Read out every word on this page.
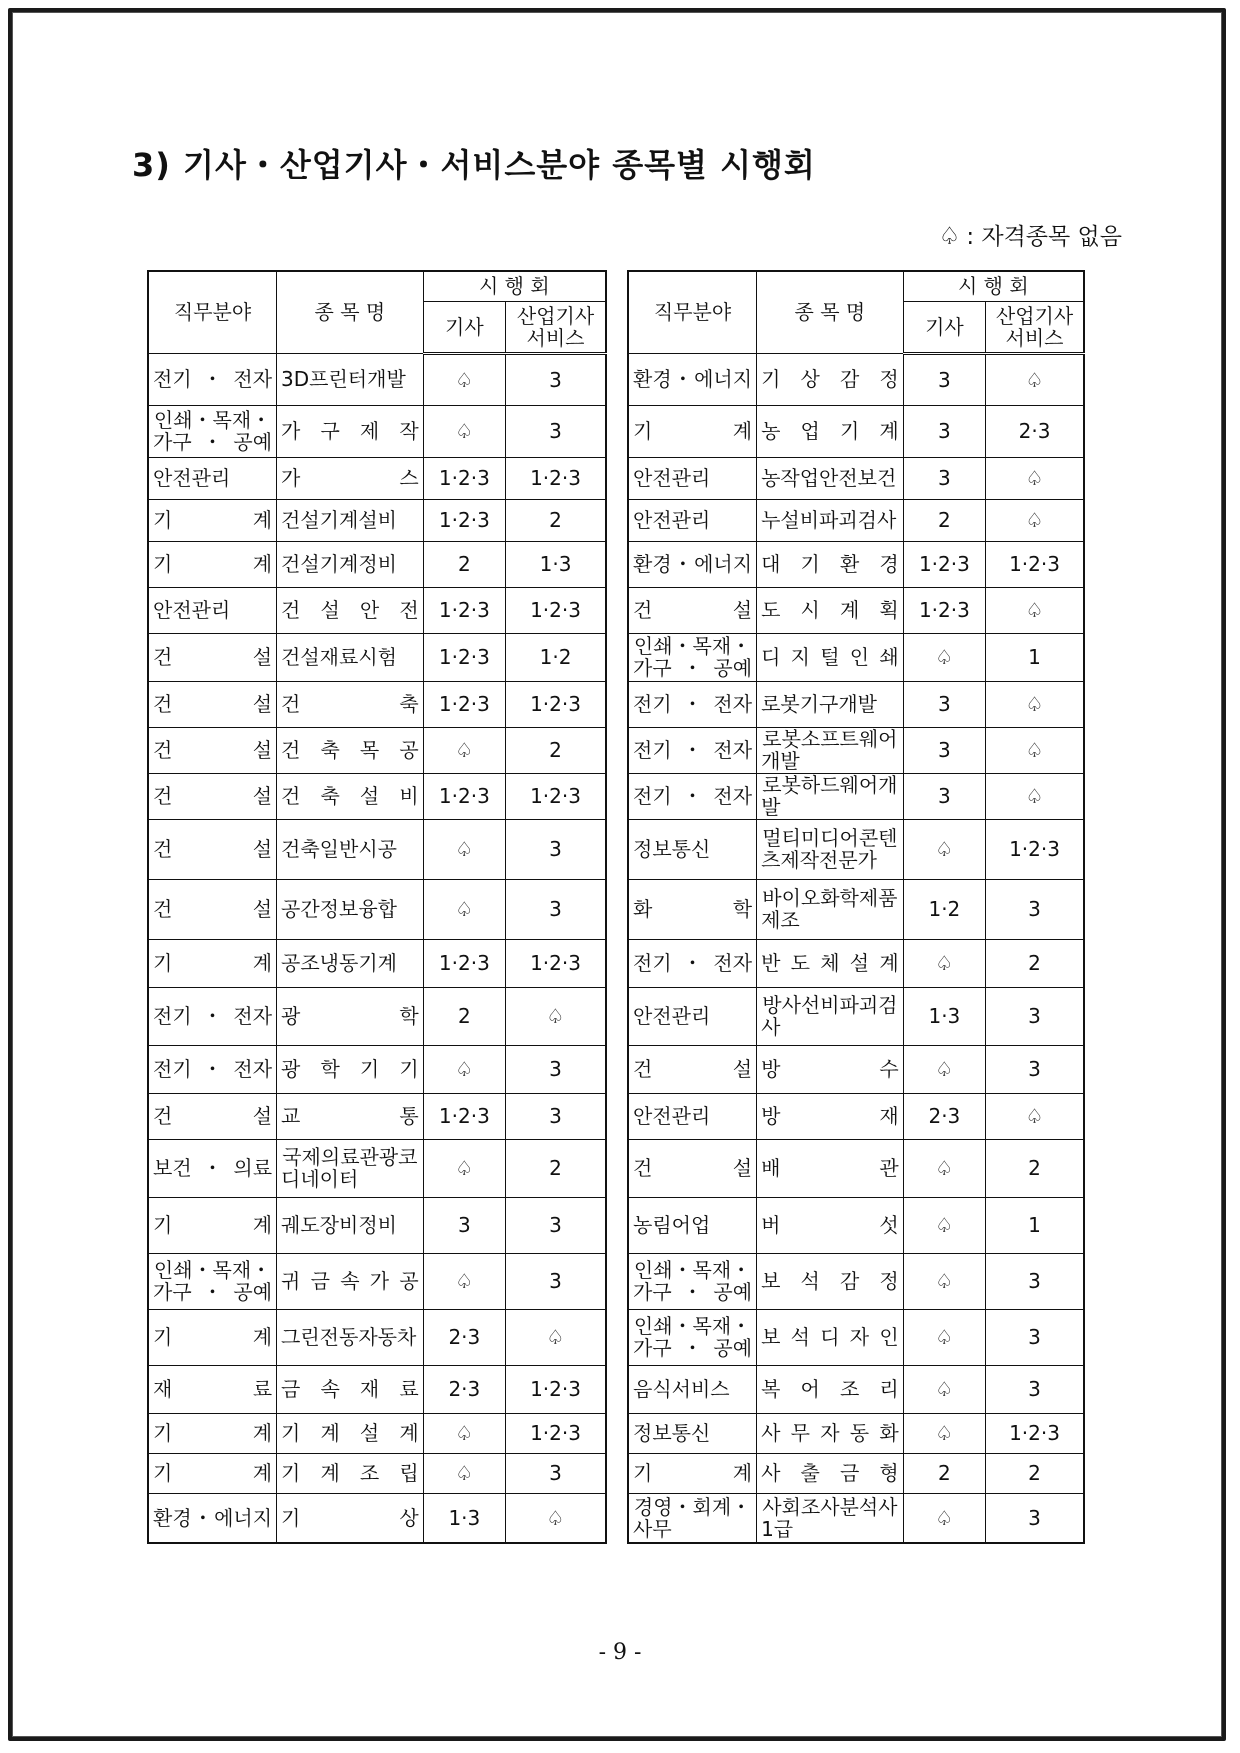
3) 기사・산업기사・서비스분야 종목별 시행회
♤ : 자격종목 없음
직무분야	종 목 명	시 행 회	
		기사	산업기사 서비스
전기・전자	3D프린터개발	♤	3
인쇄・목재・가구・공예	가 구 제 작	♤	3
안전관리	가 스	1·2·3	1·2·3
기 계	건설기계설비	1·2·3	2
기 계	건설기계정비	2	1·3
안전관리	건 설 안 전	1·2·3	1·2·3
건 설	건설재료시험	1·2·3	1·2
건 설	건 축	1·2·3	1·2·3
건 설	건 축 목 공	♤	2
건 설	건 축 설 비	1·2·3	1·2·3
건 설	건축일반시공	♤	3
건 설	공간정보융합	♤	3
기 계	공조냉동기계	1·2·3	1·2·3
전기・전자	광 학	2	♤
전기・전자	광 학 기 기	♤	3
건 설	교 통	1·2·3	3
보건・의료	국제의료관광코디네이터	♤	2
기 계	궤도장비정비	3	3
인쇄・목재・가구・공예	귀 금 속 가 공	♤	3
기 계	그린전동자동차	2·3	♤
재 료	금 속 재 료	2·3	1·2·3
기 계	기 계 설 계	♤	1·2·3
기 계	기 계 조 립	♤	3
환경・에너지	기 상	1·3	♤
직무분야	종 목 명	시 행 회	
		기사	산업기사 서비스
환경・에너지	기 상 감 정	3	♤
기 계	농 업 기 계	3	2·3
안전관리	농작업안전보건	3	♤
안전관리	누설비파괴검사	2	♤
환경・에너지	대 기 환 경	1·2·3	1·2·3
건 설	도 시 계 획	1·2·3	♤
인쇄・목재・가구・공예	디 지 털 인 쇄	♤	1
전기・전자	로봇기구개발	3	♤
전기・전자	로봇소프트웨어개발	3	♤
전기・전자	로봇하드웨어개발	3	♤
정보통신	멀티미디어콘텐츠제작전문가	♤	1·2·3
화 학	바이오화학제품제조	1·2	3
전기・전자	반 도 체 설 계	♤	2
안전관리	방사선비파괴검사	1·3	3
건 설	방 수	♤	3
안전관리	방 재	2·3	♤
건 설	배 관	♤	2
농림어업	버 섯	♤	1
인쇄・목재・가구・공예	보 석 감 정	♤	3
인쇄・목재・가구・공예	보 석 디 자 인	♤	3
음식서비스	복 어 조 리	♤	3
정보통신	사 무 자 동 화	♤	1·2·3
기 계	사 출 금 형	2	2
경영・회계・사무	사회조사분석사1급	♤	3
- 9 -
